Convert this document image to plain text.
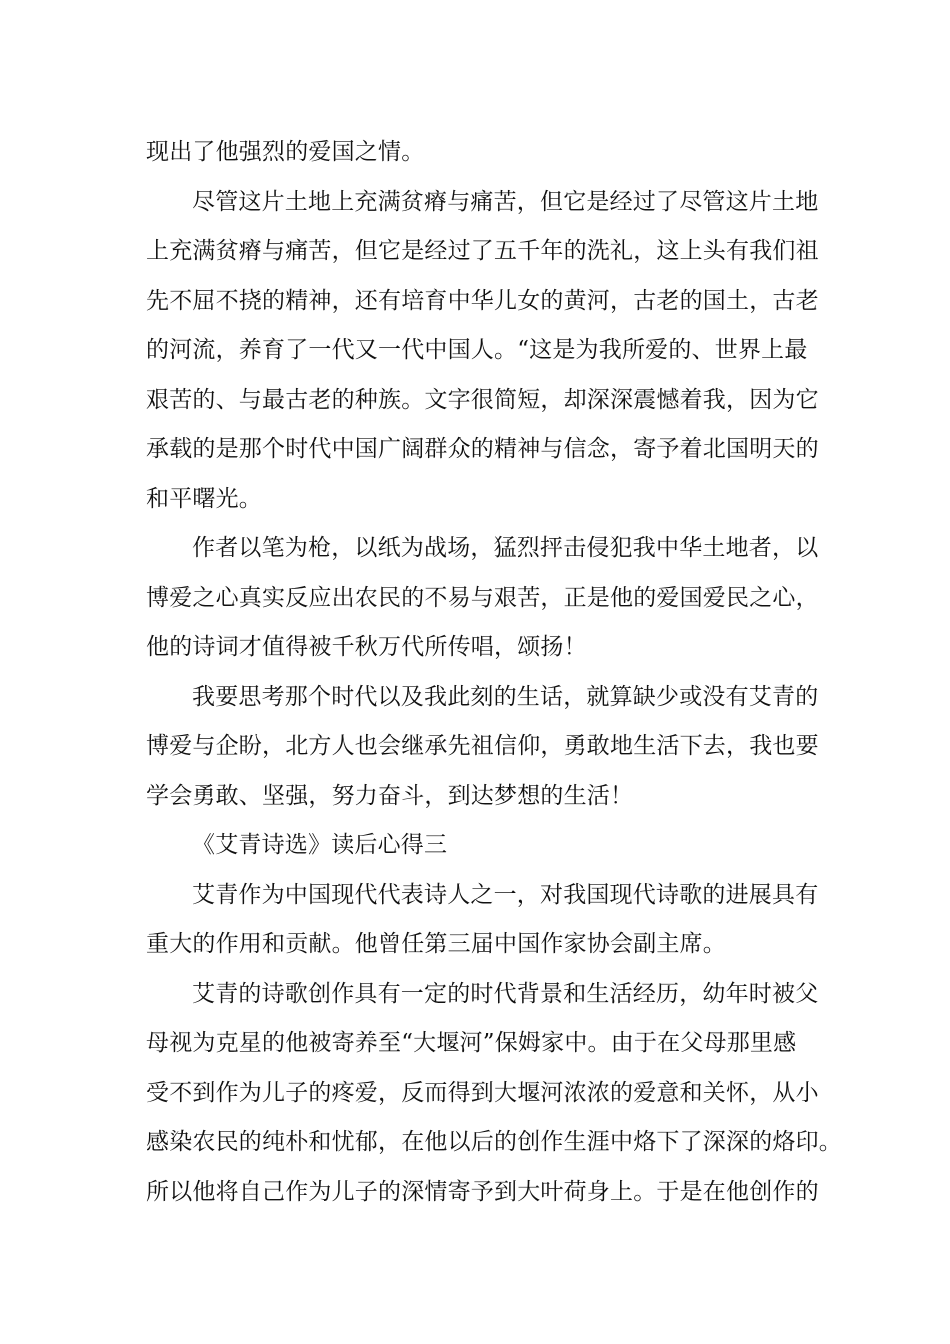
现出了他强烈的爱国之情。
尽管这片土地上充满贫瘠与痛苦，但它是经过了尽管这片土地
上充满贫瘠与痛苦，但它是经过了五千年的洗礼，这上头有我们祖
先不屈不挠的精神，还有培育中华儿女的黄河，古老的国土，古老
的河流，养育了一代又一代中国人。“这是为我所爱的、世界上最
艰苦的、与最古老的种族。文字很简短，却深深震憾着我，因为它
承载的是那个时代中国广阔群众的精神与信念，寄予着北国明天的
和平曙光。
作者以笔为枪，以纸为战场，猛烈抨击侵犯我中华土地者，以
博爱之心真实反应出农民的不易与艰苦，正是他的爱国爱民之心，
他的诗词才值得被千秋万代所传唱，颂扬！
我要思考那个时代以及我此刻的生话，就算缺少或没有艾青的
博爱与企盼，北方人也会继承先祖信仰，勇敢地生活下去，我也要
学会勇敢、坚强，努力奋斗，到达梦想的生活！
《艾青诗选》读后心得三
艾青作为中国现代代表诗人之一，对我国现代诗歌的进展具有
重大的作用和贡献。他曾任第三届中国作家协会副主席。
艾青的诗歌创作具有一定的时代背景和生活经历，幼年时被父
母视为克星的他被寄养至“大堰河”保姆家中。由于在父母那里感
受不到作为儿子的疼爱，反而得到大堰河浓浓的爱意和关怀，从小
感染农民的纯朴和忧郁，在他以后的创作生涯中烙下了深深的烙印。
所以他将自己作为儿子的深情寄予到大叶荷身上。于是在他创作的
